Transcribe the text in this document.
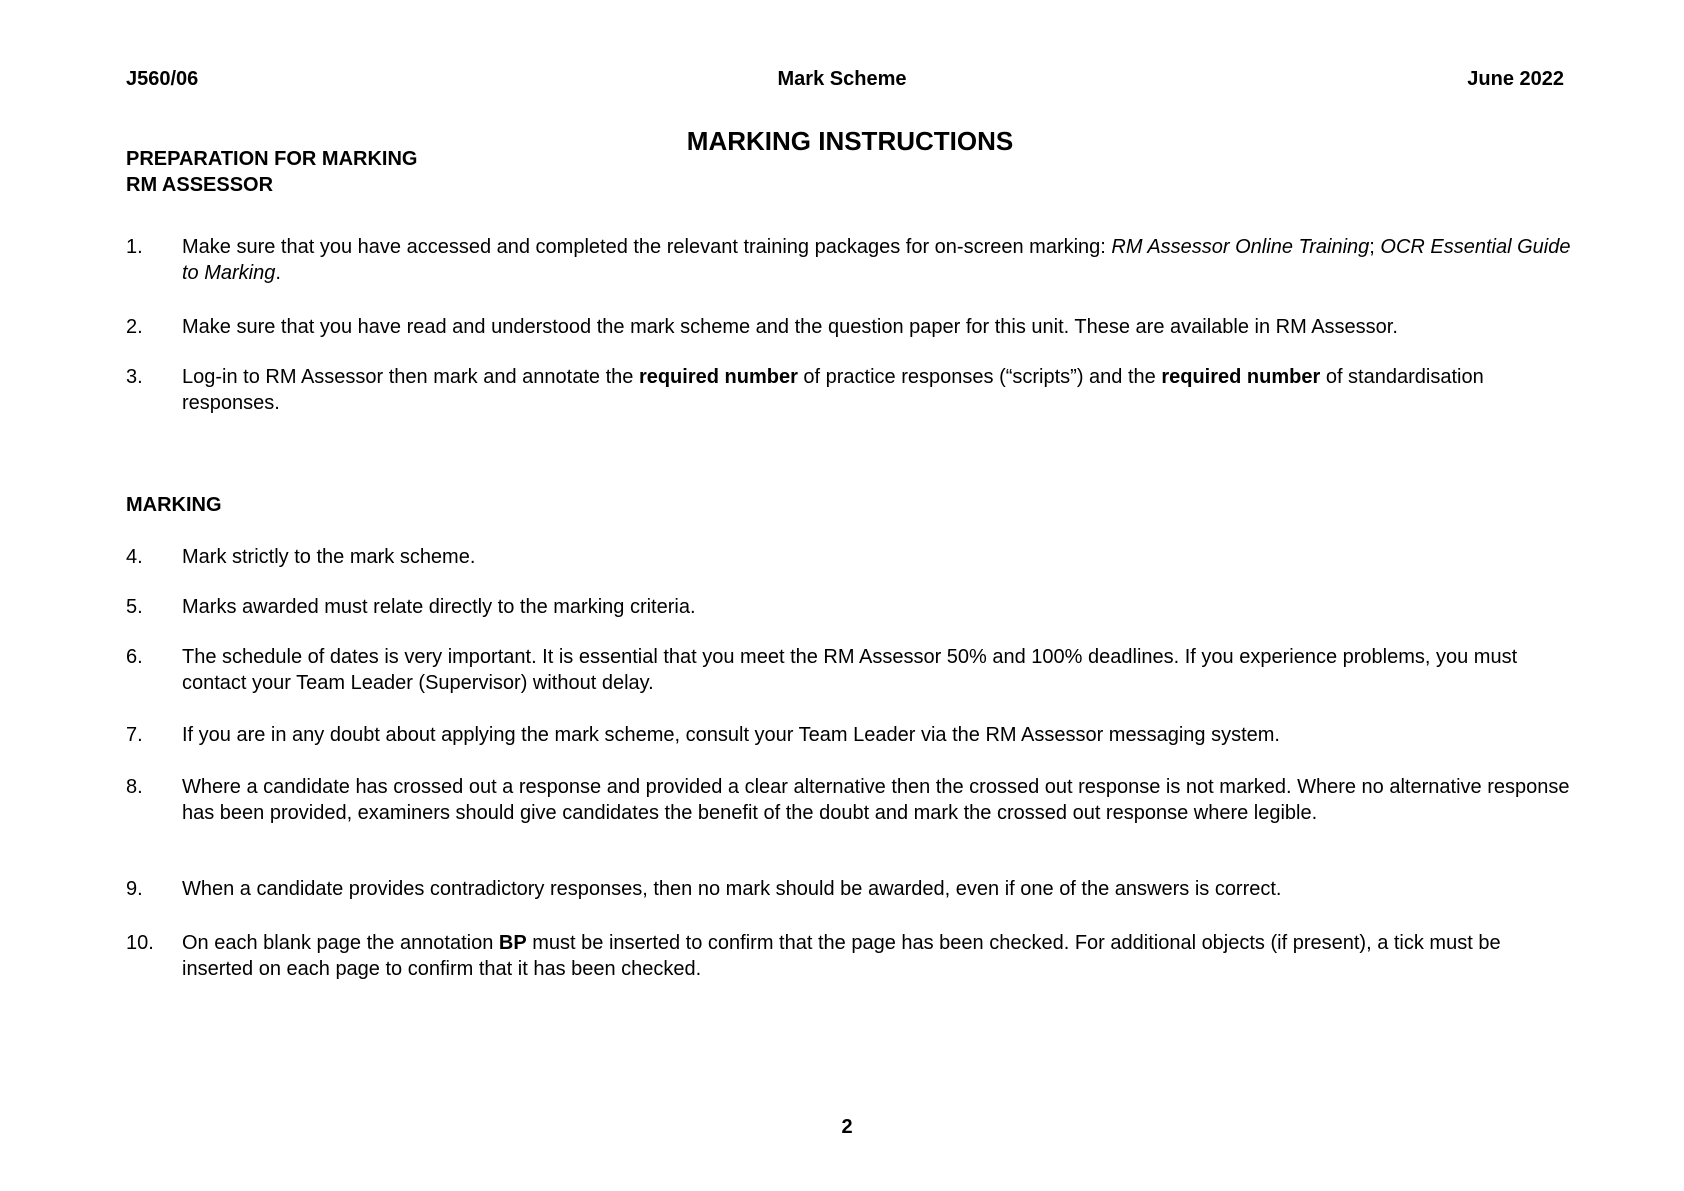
J560/06	Mark Scheme	June 2022
MARKING INSTRUCTIONS
PREPARATION FOR MARKING
RM ASSESSOR
1.	Make sure that you have accessed and completed the relevant training packages for on-screen marking: RM Assessor Online Training; OCR Essential Guide to Marking.
2.	Make sure that you have read and understood the mark scheme and the question paper for this unit. These are available in RM Assessor.
3.	Log-in to RM Assessor then mark and annotate the required number of practice responses (“scripts”) and the required number of standardisation responses.
MARKING
4.	Mark strictly to the mark scheme.
5.	Marks awarded must relate directly to the marking criteria.
6.	The schedule of dates is very important. It is essential that you meet the RM Assessor 50% and 100% deadlines. If you experience problems, you must contact your Team Leader (Supervisor) without delay.
7.	If you are in any doubt about applying the mark scheme, consult your Team Leader via the RM Assessor messaging system.
8.	Where a candidate has crossed out a response and provided a clear alternative then the crossed out response is not marked. Where no alternative response has been provided, examiners should give candidates the benefit of the doubt and mark the crossed out response where legible.
9.	When a candidate provides contradictory responses, then no mark should be awarded, even if one of the answers is correct.
10.	On each blank page the annotation BP must be inserted to confirm that the page has been checked. For additional objects (if present), a tick must be inserted on each page to confirm that it has been checked.
2
